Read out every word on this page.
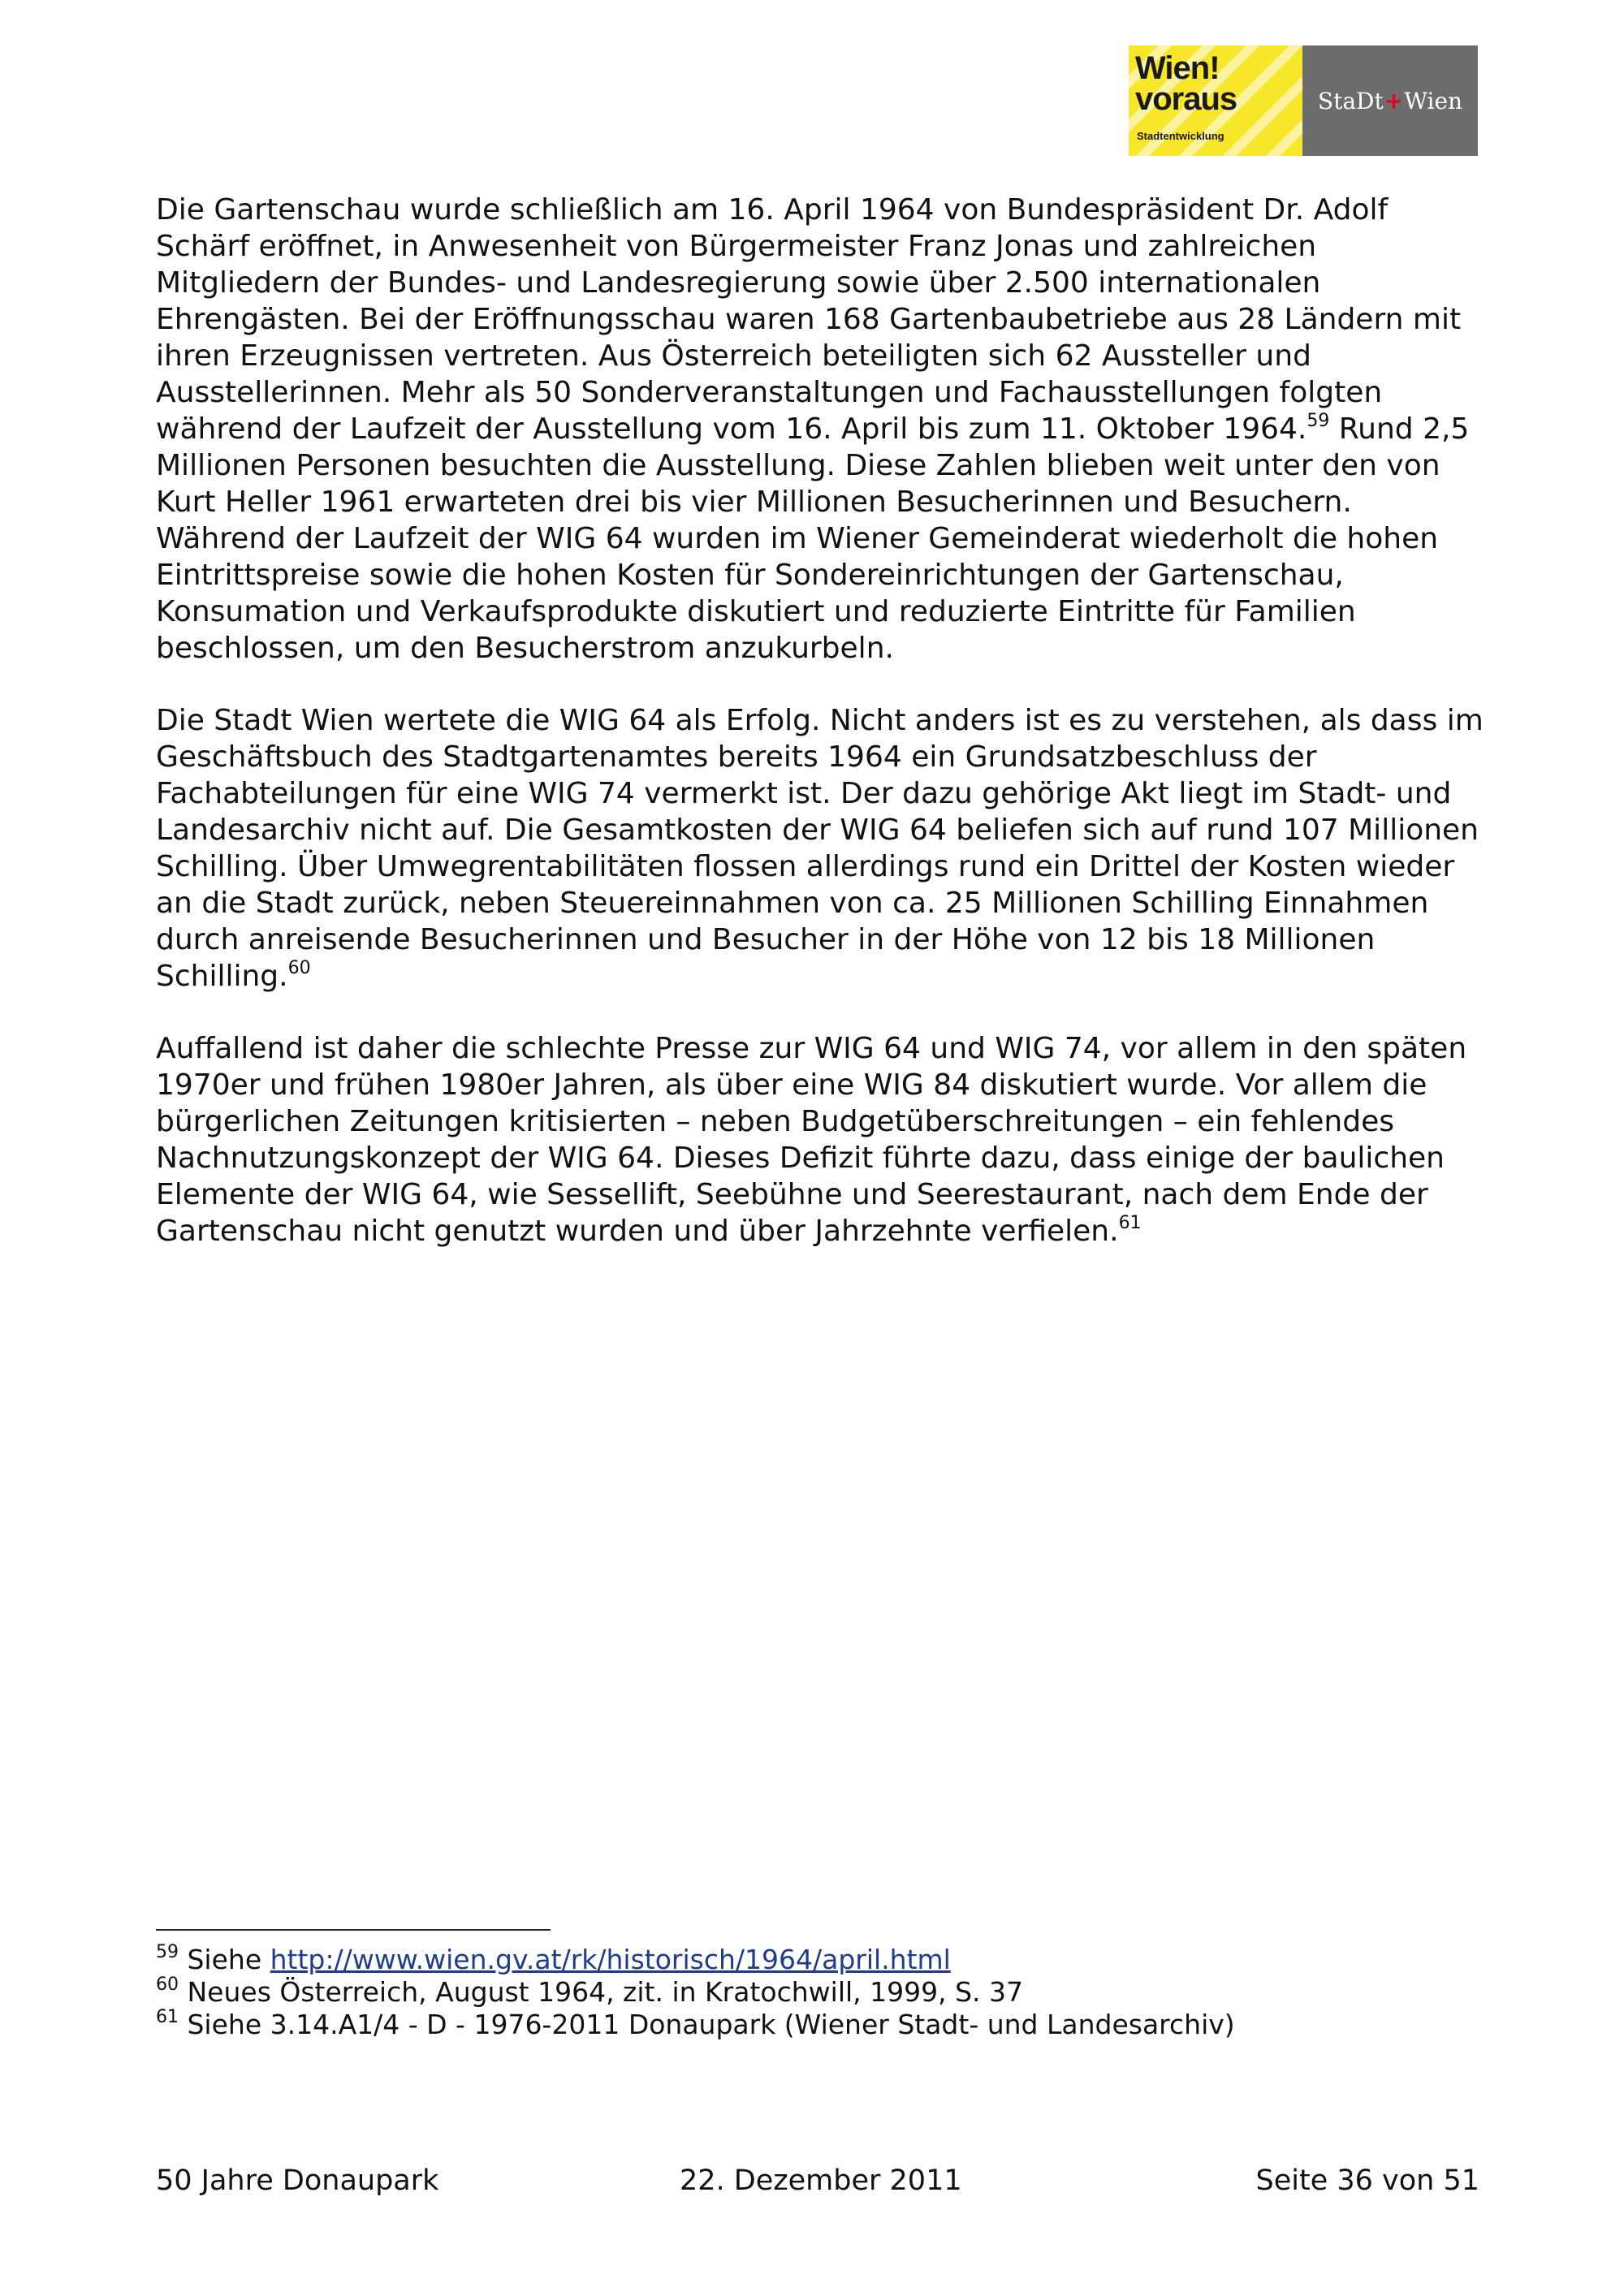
Wien!
voraus
Stadtentwicklung
StaDt + Wien

Die Gartenschau wurde schließlich am 16. April 1964 von Bundespräsident Dr. Adolf Schärf eröffnet, in Anwesenheit von Bürgermeister Franz Jonas und zahlreichen Mitgliedern der Bundes- und Landesregierung sowie über 2.500 internationalen Ehrengästen. Bei der Eröffnungsschau waren 168 Gartenbaubetriebe aus 28 Ländern mit ihren Erzeugnissen vertreten. Aus Österreich beteiligten sich 62 Aussteller und Ausstellerinnen. Mehr als 50 Sonderveranstaltungen und Fachausstellungen folgten während der Laufzeit der Ausstellung vom 16. April bis zum 11. Oktober 1964.59 Rund 2,5 Millionen Personen besuchten die Ausstellung. Diese Zahlen blieben weit unter den von Kurt Heller 1961 erwarteten drei bis vier Millionen Besucherinnen und Besuchern. Während der Laufzeit der WIG 64 wurden im Wiener Gemeinderat wiederholt die hohen Eintrittspreise sowie die hohen Kosten für Sondereinrichtungen der Gartenschau, Konsumation und Verkaufsprodukte diskutiert und reduzierte Eintritte für Familien beschlossen, um den Besucherstrom anzukurbeln.

Die Stadt Wien wertete die WIG 64 als Erfolg. Nicht anders ist es zu verstehen, als dass im Geschäftsbuch des Stadtgartenamtes bereits 1964 ein Grundsatzbeschluss der Fachabteilungen für eine WIG 74 vermerkt ist. Der dazu gehörige Akt liegt im Stadt- und Landesarchiv nicht auf. Die Gesamtkosten der WIG 64 beliefen sich auf rund 107 Millionen Schilling. Über Umwegrentabilitäten flossen allerdings rund ein Drittel der Kosten wieder an die Stadt zurück, neben Steuereinnahmen von ca. 25 Millionen Schilling Einnahmen durch anreisende Besucherinnen und Besucher in der Höhe von 12 bis 18 Millionen Schilling.$^{60}$

Auffallend ist daher die schlechte Presse zur WIG 64 und WIG 74, vor allem in den späten 1970er und frühen 1980er Jahren, als über eine WIG 84 diskutiert wurde. Vor allem die bürgerlichen Zeitungen kritisierten – neben Budgetüberschreitungen – ein fehlendes Nachnutzungskonzept der WIG 64. Dieses Defizit führte dazu, dass einige der baulichen Elemente der WIG 64, wie Sessellift, Seebühne und Seerestaurant, nach dem Ende der Gartenschau nicht genutzt wurden und über Jahrzehnte verfielen.$^{61}$

$^{59}$ Siehe http://www.wien.gv.at/rk/historisch/1964/april.html

$^{60}$ Neues Österreich, August 1964, zit. in Kratochwill, 1999, S. 37

$^{61}$ Siehe 3.14.A1/4 - D - 1976-2011 Donaupark (Wiener Stadt- und Landesarchiv)

50 Jahre Donaupark	22. Dezember 2011	Seite 36 von 51
